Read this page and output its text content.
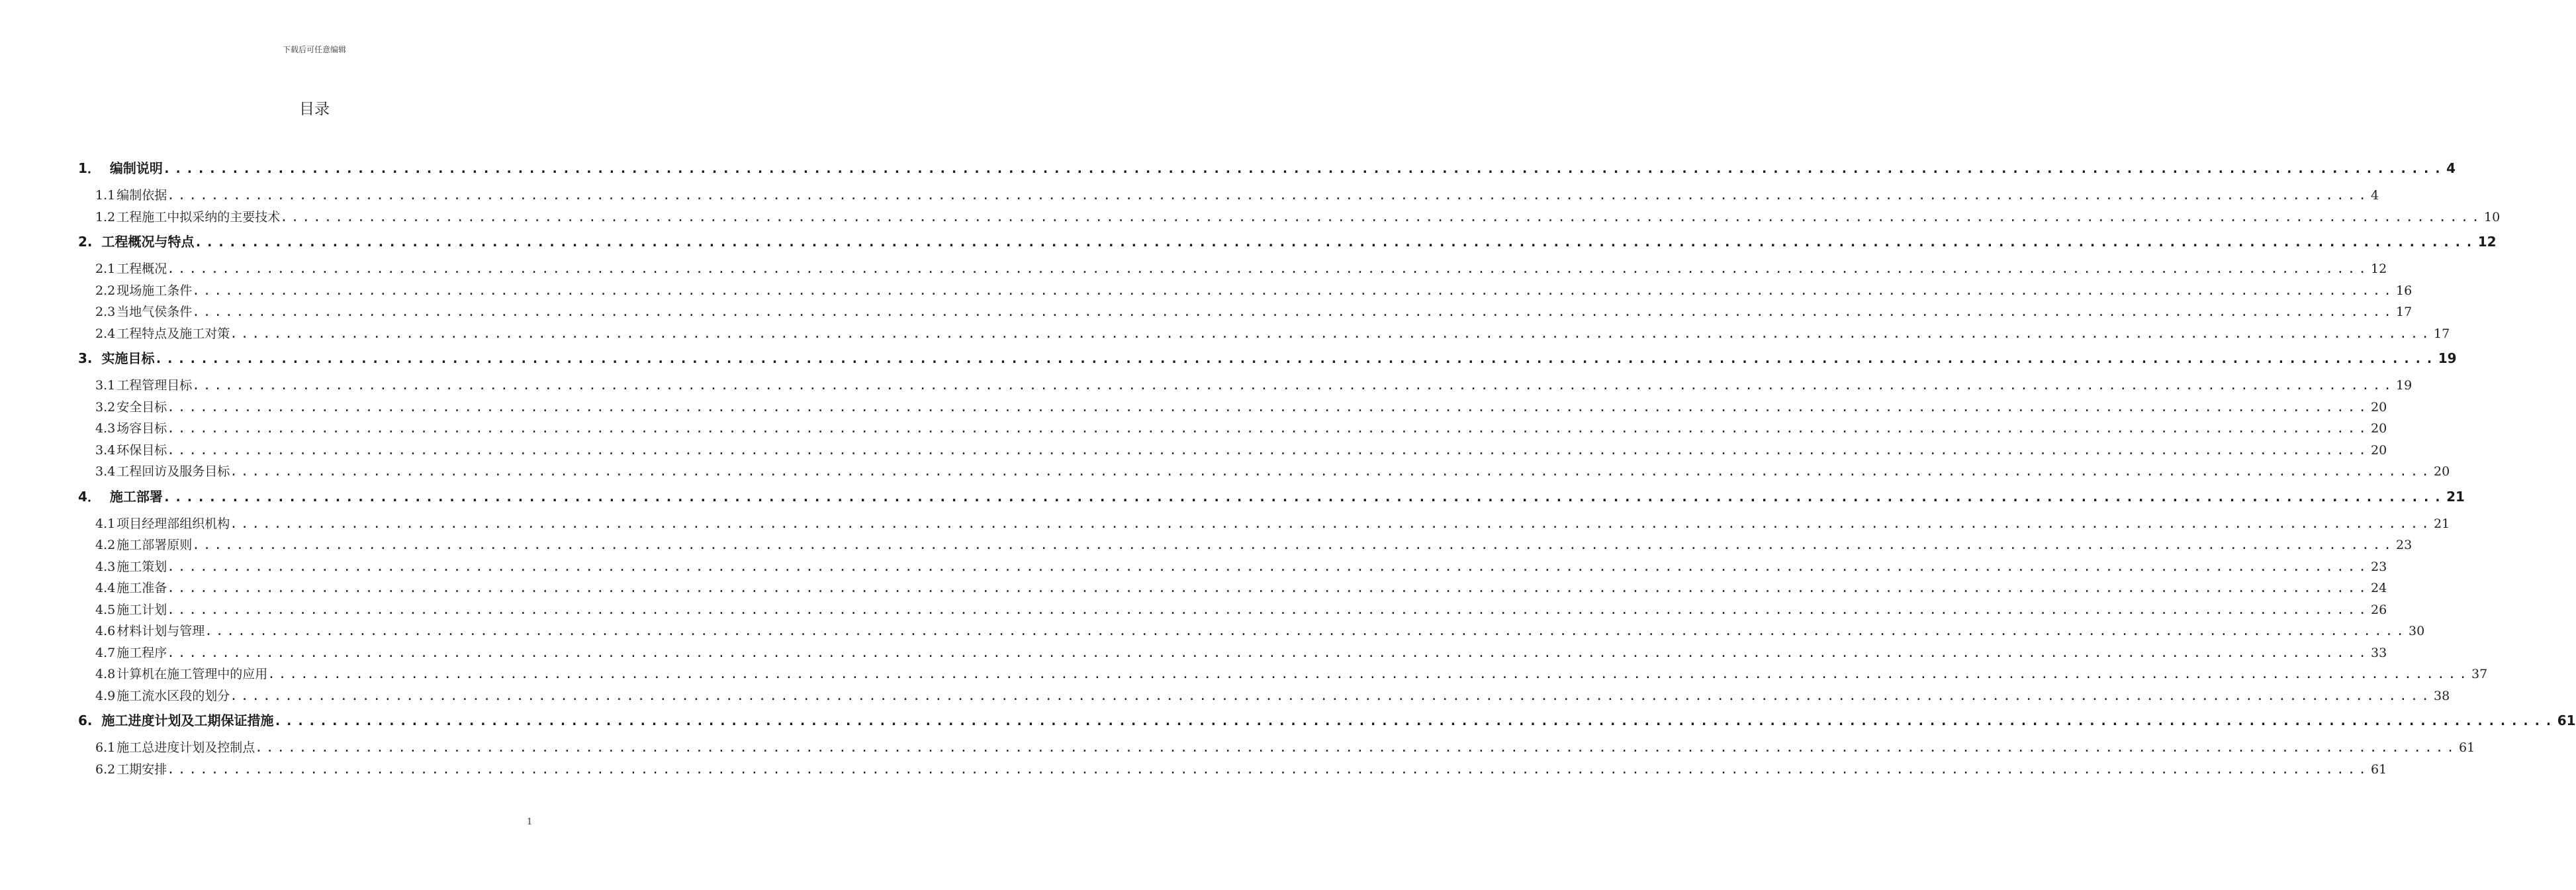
下载后可任意编辑
目录
1． 编制说明 ........................................................................................................................................................................................................ 4
1.1 编制依据 ........................................................................................................................................................................................................ 4
1.2 工程施工中拟采纳的主要技术 ........................................................................................................................................................................................................ 10
2. 工程概况与特点 ........................................................................................................................................................................................................ 12
2.1 工程概况 ........................................................................................................................................................................................................ 12
2.2 现场施工条件 ........................................................................................................................................................................................................ 16
2.3 当地气侯条件 ........................................................................................................................................................................................................ 17
2.4 工程特点及施工对策 ........................................................................................................................................................................................................ 17
3. 实施目标 ........................................................................................................................................................................................................ 19
3.1 工程管理目标 ........................................................................................................................................................................................................ 19
3.2 安全目标 ........................................................................................................................................................................................................ 20
4.3 场容目标 ........................................................................................................................................................................................................ 20
3.4 环保目标 ........................................................................................................................................................................................................ 20
3.4 工程回访及服务目标 ........................................................................................................................................................................................................ 20
4． 施工部署 ........................................................................................................................................................................................................ 21
4.1 项目经理部组织机构 ........................................................................................................................................................................................................ 21
4.2 施工部署原则 ........................................................................................................................................................................................................ 23
4.3 施工策划 ........................................................................................................................................................................................................ 23
4.4 施工准备 ........................................................................................................................................................................................................ 24
4.5 施工计划 ........................................................................................................................................................................................................ 26
4.6 材料计划与管理 ........................................................................................................................................................................................................ 30
4.7 施工程序 ........................................................................................................................................................................................................ 33
4.8 计算机在施工管理中的应用 ........................................................................................................................................................................................................ 37
4.9 施工流水区段的划分 ........................................................................................................................................................................................................ 38
6. 施工进度计划及工期保证措施 ........................................................................................................................................................................................................ 61
6.1 施工总进度计划及控制点 ........................................................................................................................................................................................................ 61
6.2 工期安排 ........................................................................................................................................................................................................ 61
1
